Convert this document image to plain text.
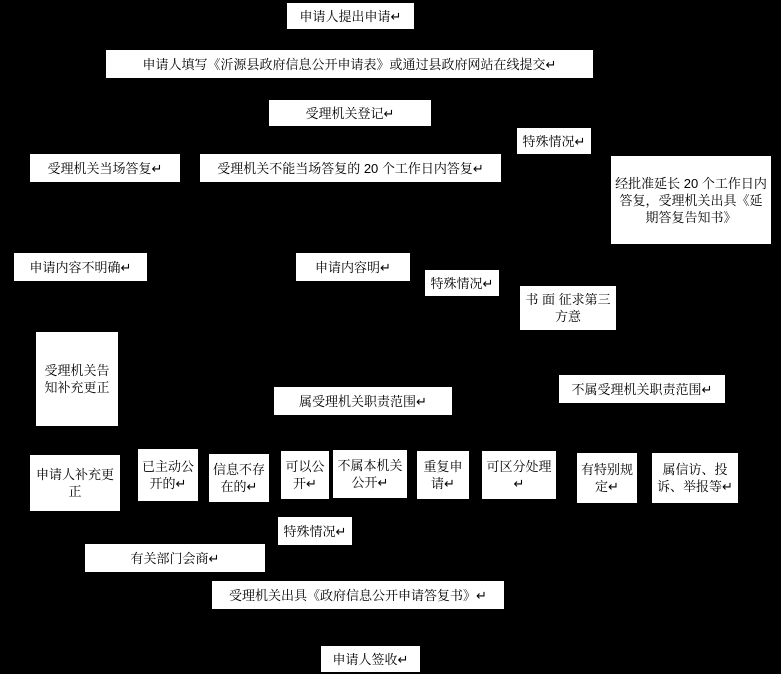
申请人提出申请↵
申请人填写《沂源县政府信息公开申请表》或通过县政府网站在线提交↵
受理机关登记↵
特殊情况↵
受理机关当场答复↵	受理机关不能当场答复的 20 个工作日内答复↵
经批准延长 20 个工作日内答复，受理机关出具《延期答复告知书》
申请内容不明确↵	申请内容明↵
特殊情况↵
书 面 征求第三方意
受理机关告知补充更正
属受理机关职责范围↵
不属受理机关职责范围↵
申请人补充更正
已主动公开的↵
信息不存在的↵
可以公开↵
不属本机关公开↵
重复申请↵
可区分处理↵
有特别规定↵
属信访、投诉、举报等↵
特殊情况↵
有关部门会商↵
受理机关出具《政府信息公开申请答复书》↵
申请人签收↵
